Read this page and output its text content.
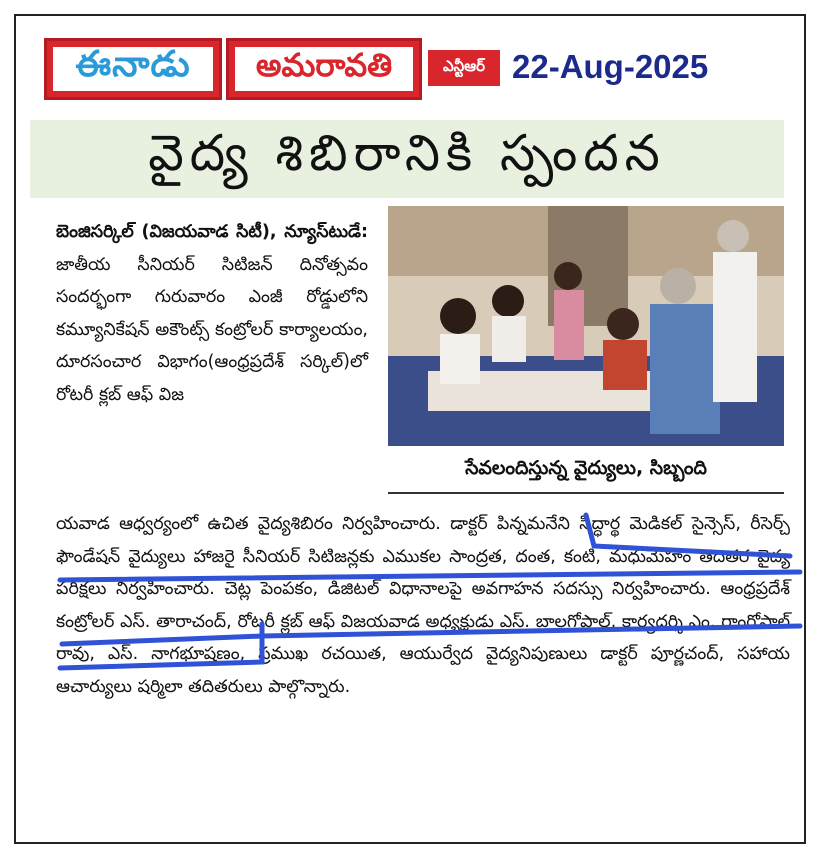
ఈనాడు అమరావతి	ఎన్టీఆర్ 22-Aug-2025
వైద్య శిబిరానికి స్పందన
బెంజిసర్కిల్ (విజయవాడ సిటీ), న్యూస్‌టుడే: జాతీయ సీనియర్ సిటిజన్ దినోత్సవం సందర్భంగా గురువారం ఎంజీ రోడ్డులోని కమ్యూనికేషన్ అకౌంట్స్ కంట్రోలర్ కార్యాలయం, దూరసంచార విభాగం(ఆంధ్రప్రదేశ్ సర్కిల్)లో రోటరీ క్లబ్ ఆఫ్ విజ
సేవలందిస్తున్న వైద్యులు, సిబ్బంది
యవాడ ఆధ్వర్యంలో ఉచిత వైద్యశిబిరం నిర్వహించారు. డాక్టర్ పిన్నమనేని సిద్ధార్థ మెడికల్ సైన్సెస్, రీసెర్చ్ ఫౌండేషన్ వైద్యులు హాజరై సీనియర్ సిటిజన్లకు ఎముకల సాంద్రత, దంత, కంటి, మధుమేహం తదితర వైద్య పరీక్షలు నిర్వహించారు. చెట్ల పెంపకం, డిజిటల్ విధానాలపై అవగాహన సదస్సు నిర్వహించారు. ఆంధ్రప్రదేశ్ కంట్రోలర్ ఎస్. తారాచంద్, రోటరీ క్లబ్ ఆఫ్ విజయవాడ అధ్యక్షుడు ఎస్. బాలగోపాల్, కార్యదర్శి ఎం. రాంగోపాల్ రావు, ఎస్. నాగభూషణం, ప్రముఖ రచయిత, ఆయుర్వేద వైద్యనిపుణులు డాక్టర్ పూర్ణచంద్, సహాయ ఆచార్యులు షర్మిలా తదితరులు పాల్గొన్నారు.
